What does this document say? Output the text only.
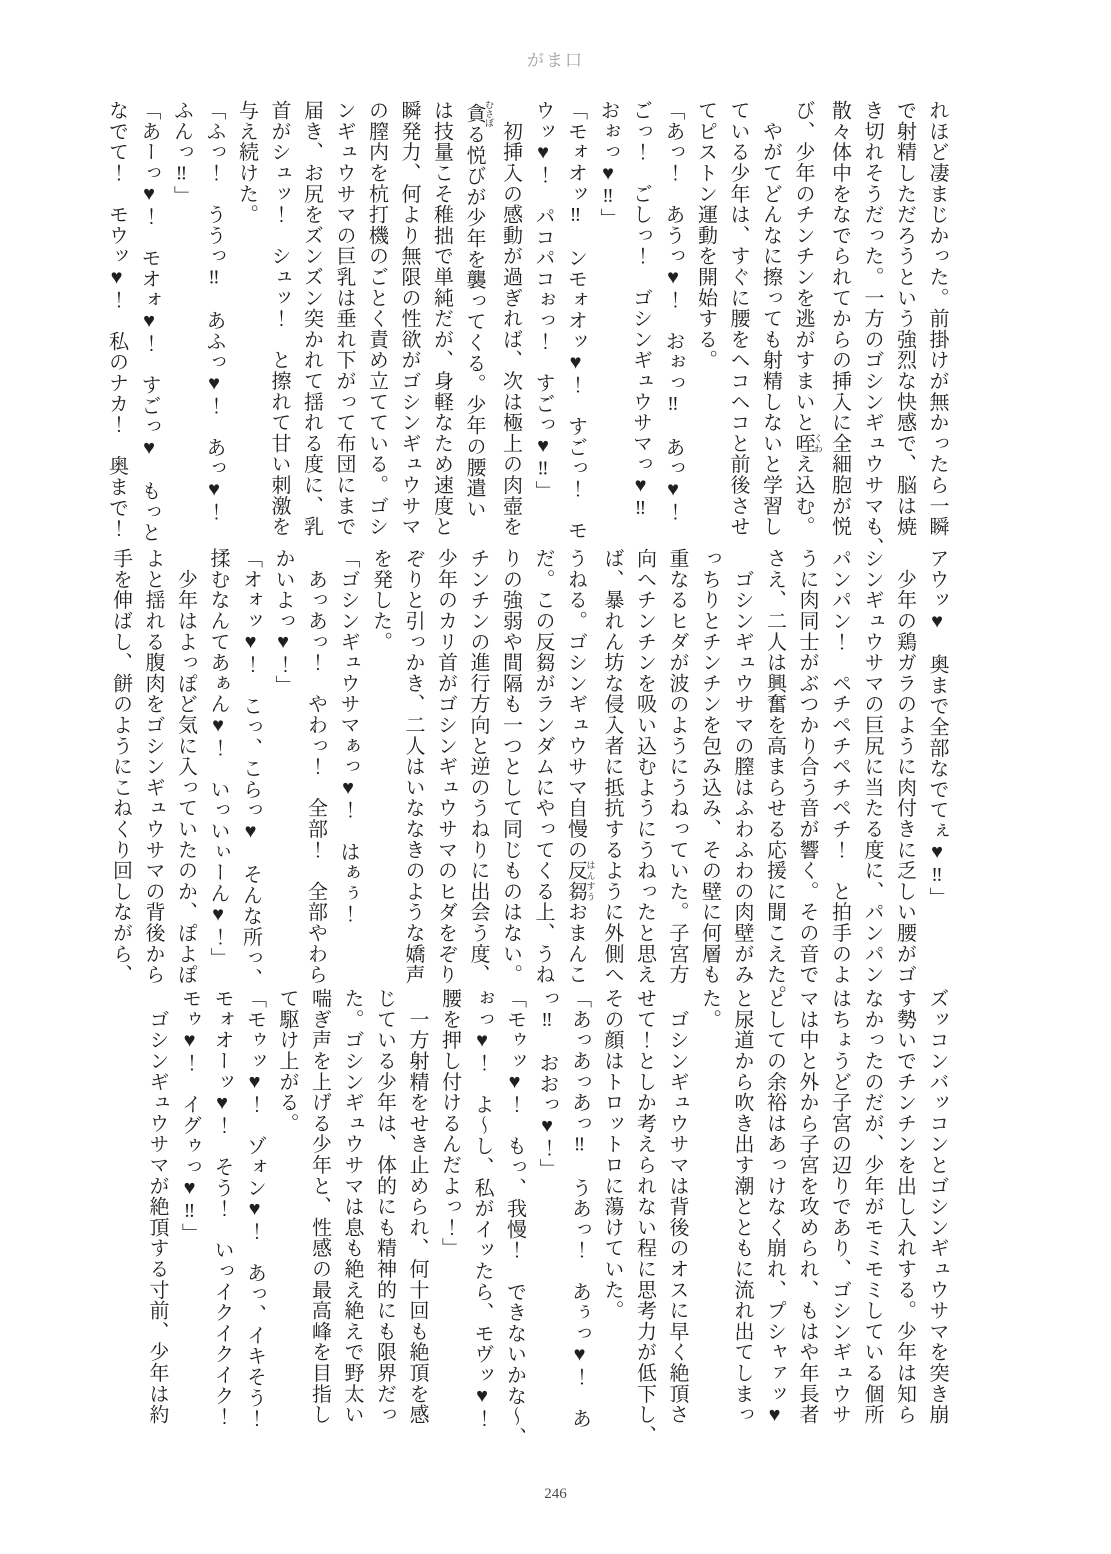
がま口
れほど凄まじかった。前掛けが無かったら一瞬
で射精しただろうという強烈な快感で、脳は焼
き切れそうだった。一方のゴシンギュウサマも、
散々体中をなでられてからの挿入に全細胞が悦
び、少年のチンチンを逃がすまいと咥 くわえ込む。
　やがてどんなに擦っても射精しないと学習し
ている少年は、すぐに腰をヘコヘコと前後させ
てピストン運動を開始する。
「あっ！　あうっ♥！　おぉっ‼　あっ♥！
ごっ！　ごしっ！　ゴシンギュウサマっ♥‼
おぉっ♥‼」
「モォオッ‼　ンモォオッ♥！　すごっ！　モ
ウッ♥！　パコパコぉっ！　すごっ♥‼」
　初挿入の感動が過ぎれば、次は極上の肉壺を
貪 むさぼる悦びが少年を襲ってくる。少年の腰遣い
は技量こそ稚拙で単純だが、身軽なため速度と
瞬発力、何より無限の性欲がゴシンギュウサマ
の膣内を杭打機のごとく責め立てている。ゴシ
ンギュウサマの巨乳は垂れ下がって布団にまで
届き、お尻をズンズン突かれて揺れる度に、乳
首がシュッ！　シュッ！　と擦れて甘い刺激を
与え続けた。
「ふっ！　ううっ‼　あふっ♥！　あっ♥！
ふんっ‼」
「あーっ♥！　モオォ♥！　すごっ♥　もっと
なでて！　モウッ♥！　私のナカ！　奥まで！
アウッ♥　奥まで全部なでてぇ♥‼」
　少年の鶏ガラのように肉付きに乏しい腰がゴ
シンギュウサマの巨尻に当たる度に、パンパン
パンパン！　ペチペチペチペチ！　と拍手のよ
うに肉同士がぶつかり合う音が響く。その音で
さえ、二人は興奮を高まらせる応援に聞こえた。
　ゴシンギュウサマの膣はふわふわの肉壁がみ
っちりとチンチンを包み込み、その壁に何層も
重なるヒダが波のようにうねっていた。子宮方
向へチンチンを吸い込むようにうねったと思え
ば、暴れん坊な侵入者に抵抗するように外側へ
うねる。ゴシンギュウサマ自慢の反芻 はんすうおまんこ
だ。この反芻がランダムにやってくる上、うね
りの強弱や間隔も一つとして同じものはない。
チンチンの進行方向と逆のうねりに出会う度、
少年のカリ首がゴシンギュウサマのヒダをぞり
ぞりと引っかき、二人はいななきのような嬌声
を発した。
「ゴシンギュウサマぁっ♥！　はぁぅ！
　あっあっ！　やわっ！　全部！　全部やわら
かいよっ♥！」
「オォッ♥！　こっ、こらっ♥　そんな所っ、
揉むなんてあぁん♥！　いっいぃーん♥！」
　少年はよっぽど気に入っていたのか、ぽよぽ
よと揺れる腹肉をゴシンギュウサマの背後から
手を伸ばし、餅のようにこねくり回しながら、
ズッコンバッコンとゴシンギュウサマを突き崩
す勢いでチンチンを出し入れする。少年は知ら
なかったのだが、少年がモミモミしている個所
はちょうど子宮の辺りであり、ゴシンギュウサ
マは中と外から子宮を攻められ、もはや年長者
としての余裕はあっけなく崩れ、プシャァッ♥
と尿道から吹き出す潮とともに流れ出てしまっ
た。
　ゴシンギュウサマは背後のオスに早く絶頂さ
せて！としか考えられない程に思考力が低下し、
その顔はトロットロに蕩けていた。
「あっあっあっ‼　うあっ！　あぅっ♥！　あ
っ‼　おおっ♥！」
「モゥッ♥！　もっ、我慢！　できないかな〜、
ぉっ♥！　よ〜し、私がイッたら、モヴッ♥！
腰を押し付けるんだよっ！」
　一方射精をせき止められ、何十回も絶頂を感
じている少年は、体的にも精神的にも限界だっ
た。ゴシンギュウサマは息も絶え絶えで野太い
喘ぎ声を上げる少年と、性感の最高峰を目指し
て駆け上がる。
「モゥッ♥！　ゾォン♥！　あっ、イキそう！
モォオーッ♥！　そう！　いっイクイクイク！
モゥ♥！　イグゥっ♥‼」
　ゴシンギュウサマが絶頂する寸前、少年は約
246
